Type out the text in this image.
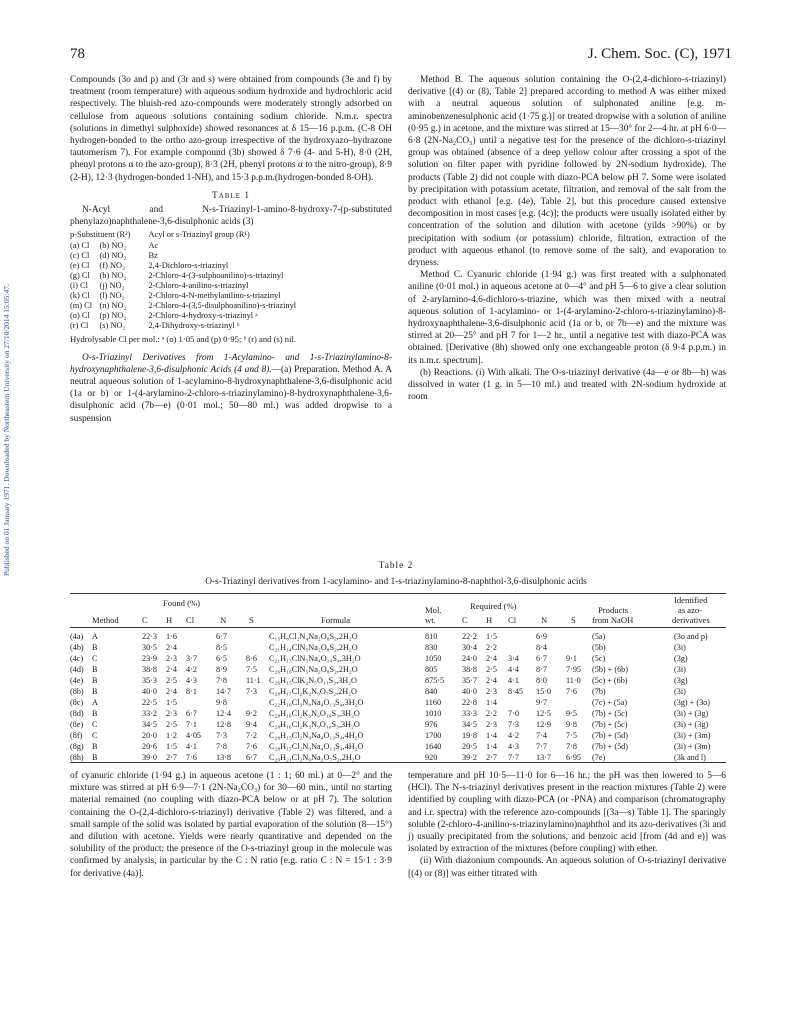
78	J. Chem. Soc. (C), 1971
Published on 01 January 1971. Downloaded by Northeastern University on 27/10/2014 15:05:47.

Compounds (3o and p) and (3r and s) were obtained from compounds (3e and f) by treatment (room temperature) with aqueous sodium hydroxide and hydrochloric acid respectively. The bluish-red azo-compounds were moderately strongly adsorbed on cellulose from aqueous solutions containing sodium chloride. N.m.r. spectra (solutions in dimethyl sulphoxide) showed resonances at δ 15—16 p.p.m. (C-8 OH hydrogen-bonded to the ortho azo-group irrespective of the hydroxyazo–hydrazone tautomerism 7). For example compound (3b) showed δ 7·6 (4- and 5-H), 8·0 (2H, phenyl protons α to the azo-group), 8·3 (2H, phenyl protons α to the nitro-group), 8·9 (2-H), 12·3 (hydrogen-bonded 1-NH), and 15·3 p.p.m.(hydrogen-bonded 8-OH).

Table 1
N-Acyl and N-s-Triazinyl-1-amino-8-hydroxy-7-(p-substituted phenylazo)naphthalene-3,6-disulphonic acids (3)
p-Substituent (R²)		Acyl or s-Triazinyl group (R¹)
(a) Cl	(b) NO₂	Ac
(c) Cl	(d) NO₂	Bz
(e) Cl	(f) NO₂	2,4-Dichloro-s-triazinyl
(g) Cl	(h) NO₂	2-Chloro-4-(3-sulphoanilino)-s-triazinyl
(i) Cl	(j) NO₂	2-Chloro-4-anilino-s-triazinyl
(k) Cl	(l) NO₂	2-Chloro-4-N-methylanilino-s-triazinyl
(m) Cl	(n) NO₂	2-Chloro-4-(3,5-disulphoanilino)-s-triazinyl
(o) Cl	(p) NO₂	2-Chloro-4-hydroxy-s-triazinyl ᵃ
(r) Cl	(s) NO₂	2,4-Dihydroxy-s-triazinyl ᵇ
Hydrolysable Cl per mol.: ᵃ (o) 1·05 and (p) 0·95; ᵇ (r) and (s) nil.

O-s-Triazinyl Derivatives from 1-Acylamino- and 1-s-Triazinylamino-8-hydroxynaphthalene-3,6-disulphonic Acids (4 and 8).—(a) Preparation. Method A. A neutral aqueous solution of 1-acylamino-8-hydroxynaphthalene-3,6-disulphonic acid (1a or b) or 1-(4-arylamino-2-chloro-s-triazinylamino)-8-hydroxynaphthalene-3,6-disulphonic acid (7b—e) (0·01 mol.; 50—80 ml.) was added dropwise to a suspension

Method B. The aqueous solution containing the O-(2,4-dichloro-s-triazinyl) derivative [(4) or (8), Table 2] prepared according to method A was either mixed with a neutral aqueous solution of sulphonated aniline [e.g. m-aminobenzenesulphonic acid (1·75 g.)] or treated dropwise with a solution of aniline (0·95 g.) in acetone, and the mixture was stirred at 15—30° for 2—4 hr. at pH 6·0—6·8 (2N-Na₂CO₃) until a negative test for the presence of the dichloro-s-triazinyl group was obtained (absence of a deep yellow colour after crossing a spot of the solution on filter paper with pyridine followed by 2N-sodium hydroxide). The products (Table 2) did not couple with diazo-PCA below pH 7. Some were isolated by precipitation with potassium acetate, filtration, and removal of the salt from the product with ethanol [e.g. (4e), Table 2], but this procedure caused extensive decomposition in most cases [e.g. (4c)]; the products were usually isolated either by concentration of the solution and dilution with acetone (yilds >90%) or by precipitation with sodium (or potassium) chloride, filtration, extraction of the product with aqueous ethanol (to remove some of the salt), and evaporation to dryness.

Method C. Cyanuric chloride (1·94 g.) was first treated with a sulphonated aniline (0·01 mol.) in aqueous acetone at 0—4° and pH 5—6 to give a clear solution of 2-arylamino-4,6-dichloro-s-triazine, which was then mixed with a neutral aqueous solution of 1-acylamino- or 1-(4-arylamino-2-chloro-s-triazinylamino)-8-hydroxynaphthalene-3,6-disulphonic acid (1a or b, or 7b—e) and the mixture was stirred at 20—25° and pH 7 for 1—2 hr., until a negative test with diazo-PCA was obtained. [Derivative (8h) showed only one exchangeable proton (δ 9·4 p.p.m.) in its n.m.r. spectrum].

(b) Reactions. (i) With alkali. The O-s-triazinyl derivative (4a—e or 8b—h) was dissolved in water (1 g. in 5—10 ml.) and treated with 2N-sodium hydroxide at room

Table 2
O-s-Triazinyl derivatives from 1-acylamino- and 1-s-triazinylamino-8-naphthol-3,6-disulphonic acids
Found (%)	Required (%)
Mol.
wt.
Products
from NaOH
Identified
as azo-
derivatives
Method	C H Cl	N	S	Formula	C H Cl	N	S
(4a) A	22·3 1·6	6·7	C₁₅H₈Cl₂N₄Na₂O₈S₂,2H₂O	810	22·2 1·5	6·9	(5a)	(3o and p)
(4b) B	30·5 2·4	8·5	C₂₁H₁₄ClN₅Na₂O₈S₂,2H₂O	830	30·4 2·2	8·4	(5b)	(3i)
(4c) C	23·9 2·3 3·7 6·5 8·6 C₂₁H₁₃ClN₅Na₄O₁₄S₄,3H₂O	1050	24·0 2·4 3·4 6·7 9·1 (5c)	(3g)
(4d) B	38·8 2·4 4·2 8·9 7·5 C₂₆H₁₆ClN₅Na₂O₈S₂,2H₂O	805	38·8 2·5 4·4 8·7 7·95 (5b) + (6b)	(3i)
(4e) B	35·3 2·5 4·3 7·8 11·1 C₂₆H₁₅ClK₂N₅O₁₁S₃,3H₂O	875·5 35·7 2·4 4·1 8·0 11·0 (5c) + (6b)	(3g)
(8b) B	40·0 2·4 8·1 14·7 7·3 C₂₈H₁₇Cl₂K₂N₉O₇S₂,2H₂O	840	40·0 2·3 8·45 15·0 7·6 (7b)	(3i)
(8c) A	22·5 1·5	9·8	C₂₂H₁₀Cl₃N₈Na₄O₁₃S₄,3H₂O	1160	22·8 1·4	9·7	(7c) + (5a)	(3g) + (3o)
(8d) B	33·2 2·3 6·7 12·4 9·2 C₂₈H₁₆Cl₂K₃N₉O₁₀S₃,3H₂O	1010	33·3 2·2 7·0 12·5 9·5 (7b) + (5c)	(3i) + (3g)
(8e) C	34·5 2·5 7·1 12·8 9·4 C₂₈H₁₆Cl₂K₃N₉O₁₀S₃,3H₂O	976	34·5 2·3 7·3 12·9 9·8 (7b) + (5c)	(3i) + (3g)
(8f) C	20·0 1·2 4·05 7·3 7·2 C₂₈H₁₅Cl₂N₉Na₄O₁₃S₄,4H₂O	1700	19·8 1·4 4·2 7·4 7·5 (7b) + (5d)	(3i) + (3m)
(8g) B	20·6 1·5 4·1 7·8 7·6 C₂₈H₁₅Cl₂N₉Na₄O₁₃S₄,4H₂O	1640	20·5 1·4 4·3 7·7 7·8 (7b) + (5d)	(3i) + (3m)
(8h) B	39·0 2·7 7·6 13·8 6·7 C₂₉H₂₁Cl₂N₉Na₂O₇S₂,2H₂O	920	39·2 2·7 7·7 13·7 6·95 (7e)	(3k and l)

of cyanuric chloride (1·94 g.) in aqueous acetone (1 : 1; 60 ml.) at 0—2° and the mixture was stirred at pH 6·9—7·1 (2N-Na₂CO₃) for 30—60 min., until no starting material remained (no coupling with diazo-PCA below or at pH 7). The solution containing the O-(2,4-dichloro-s-triazinyl) derivative (Table 2) was filtered, and a small sample of the solid was isolated by partial evaporation of the solution (8—15°) and dilution with acetone. Yields were nearly quantitative and depended on the solubility of the product; the presence of the O-s-triazinyl group in the molecule was confirmed by analysis, in particular by the C : N ratio [e.g. ratio C : N = 15·1 : 3·9 for derivative (4a)].

temperature and pH 10·5—11·0 for 6—16 hr.; the pH was then lowered to 5—6 (HCl). The N-s-triazinyl derivatives present in the reaction mixtures (Table 2) were identified by coupling with diazo-PCA (or -PNA) and comparison (chromatography and i.r. spectra) with the reference azo-compounds [(3a—s) Table 1]. The sparingly soluble (2-chloro-4-anilino-s-triazinylamino)naphthol and its azo-derivatives (3i and j) usually precipitated from the solutions, and benzoic acid [from (4d and e)] was isolated by extraction of the mixtures (before coupling) with ether.

(ii) With diazonium compounds. An aqueous solution of O-s-triazinyl derivative [(4) or (8)] was either titrated with
